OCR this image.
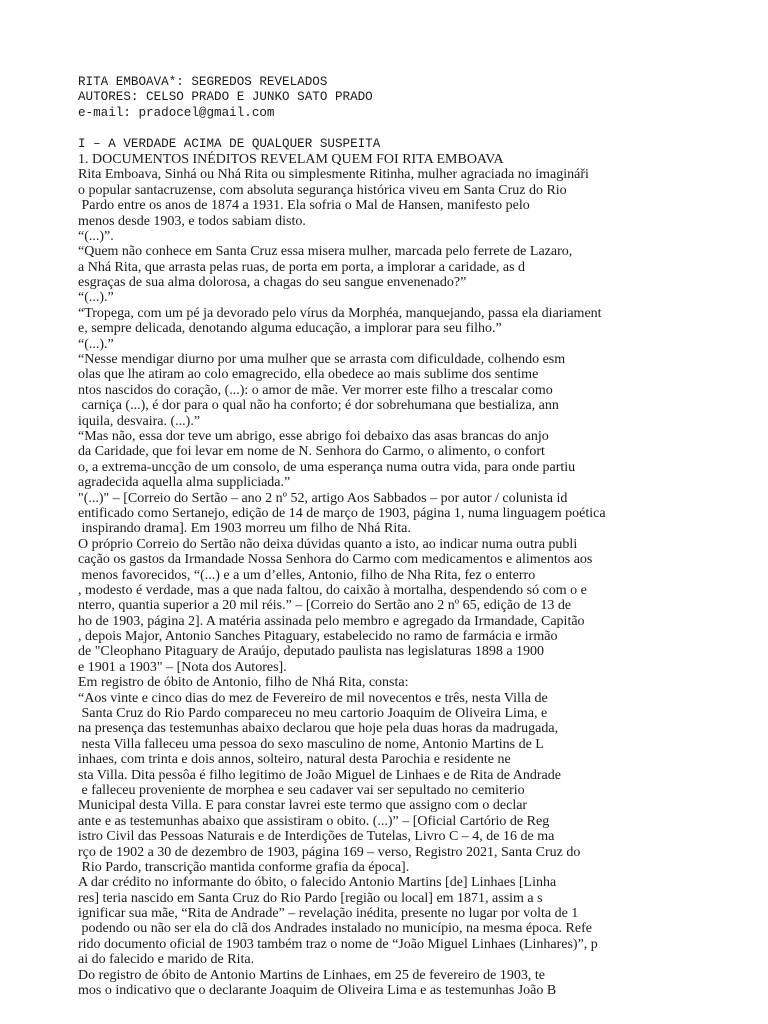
RITA EMBOAVA*: SEGREDOS REVELADOS
AUTORES: CELSO PRADO E JUNKO SATO PRADO
e-mail: pradocel@gmail.com
I – A VERDADE ACIMA DE QUALQUER SUSPEITA
1. DOCUMENTOS INÉDITOS REVELAM QUEM FOI RITA EMBOAVA
Rita Emboava, Sinhá ou Nhá Rita ou simplesmente Ritinha, mulher agraciada no imagináři
o popular santacruzense, com absoluta segurança histórica viveu em Santa Cruz do Rio
Pardo entre os anos de 1874 a 1931. Ela sofria o Mal de Hansen, manifesto pelo
menos desde 1903, e todos sabiam disto.
“(...)”.
“Quem não conhece em Santa Cruz essa misera mulher, marcada pelo ferrete de Lazaro,
a Nhá Rita, que arrasta pelas ruas, de porta em porta, a implorar a caridade, as d
esgraças de sua alma dolorosa, a chagas do seu sangue envenenado?”
“(...).”
“Tropega, com um pé ja devorado pelo vírus da Morphéa, manquejando, passa ela diariament
e, sempre delicada, denotando alguma educação, a implorar para seu filho.”
“(...).”
“Nesse mendigar diurno por uma mulher que se arrasta com dificuldade, colhendo esm
olas que lhe atiram ao colo emagrecido, ella obedece ao mais sublime dos sentime
ntos nascidos do coração, (...): o amor de mãe. Ver morrer este filho a trescalar como
carniça (...), é dor para o qual não ha conforto; é dor sobrehumana que bestializa, ann
iquila, desvaira. (...).”
“Mas não, essa dor teve um abrigo, esse abrigo foi debaixo das asas brancas do anjo
da Caridade, que foi levar em nome de N. Senhora do Carmo, o alimento, o confort
o, a extrema-uncção de um consolo, de uma esperança numa outra vida, para onde partiu
agradecida aquella alma suppliciada.”
"(...)" – [Correio do Sertão – ano 2 nº 52, artigo Aos Sabbados – por autor / colunista id
entificado como Sertanejo, edição de 14 de março de 1903, página 1, numa linguagem poética
inspirando drama]. Em 1903 morreu um filho de Nhá Rita.
O próprio Correio do Sertão não deixa dúvidas quanto a isto, ao indicar numa outra publi
cação os gastos da Irmandade Nossa Senhora do Carmo com medicamentos e alimentos aos
menos favorecidos, “(...) e a um d’elles, Antonio, filho de Nha Rita, fez o enterro
, modesto é verdade, mas a que nada faltou, do caixão à mortalha, despendendo só com o e
nterro, quantia superior a 20 mil réis.” – [Correio do Sertão ano 2 nº 65, edição de 13 de
ho de 1903, página 2]. A matéria assinada pelo membro e agregado da Irmandade, Capitão
, depois Major, Antonio Sanches Pitaguary, estabelecido no ramo de farmácia e irmão
de "Cleophano Pitaguary de Araújo, deputado paulista nas legislaturas 1898 a 1900
e 1901 a 1903" – [Nota dos Autores].
Em registro de óbito de Antonio, filho de Nhá Rita, consta:
“Aos vinte e cinco dias do mez de Fevereiro de mil novecentos e três, nesta Villa de
Santa Cruz do Rio Pardo compareceu no meu cartorio Joaquim de Oliveira Lima, e
na presença das testemunhas abaixo declarou que hoje pela duas horas da madrugada,
nesta Villa falleceu uma pessoa do sexo masculino de nome, Antonio Martins de L
inhaes, com trinta e dois annos, solteiro, natural desta Parochia e residente ne
sta Villa. Dita pessôa é filho legitimo de João Miguel de Linhaes e de Rita de Andrade
e falleceu proveniente de morphea e seu cadaver vai ser sepultado no cemiterio
Municipal desta Villa. E para constar lavrei este termo que assigno com o declar
ante e as testemunhas abaixo que assistiram o obito. (...)” – [Oficial Cartório de Reg
istro Civil das Pessoas Naturais e de Interdições de Tutelas, Livro C – 4, de 16 de ma
rço de 1902 a 30 de dezembro de 1903, página 169 – verso, Registro 2021, Santa Cruz do
Rio Pardo, transcrição mantida conforme grafia da época].
A dar crédito no informante do óbito, o falecido Antonio Martins [de] Linhaes [Linha
res] teria nascido em Santa Cruz do Rio Pardo [região ou local] em 1871, assim a s
ignificar sua mãe, “Rita de Andrade” – revelação inédita, presente no lugar por volta de 1
podendo ou não ser ela do clã dos Andrades instalado no município, na mesma época. Refe
rido documento oficial de 1903 também traz o nome de “João Miguel Linhaes (Linhares)”, p
ai do falecido e marido de Rita.
Do registro de óbito de Antonio Martins de Linhaes, em 25 de fevereiro de 1903, te
mos o indicativo que o declarante Joaquim de Oliveira Lima e as testemunhas João B
